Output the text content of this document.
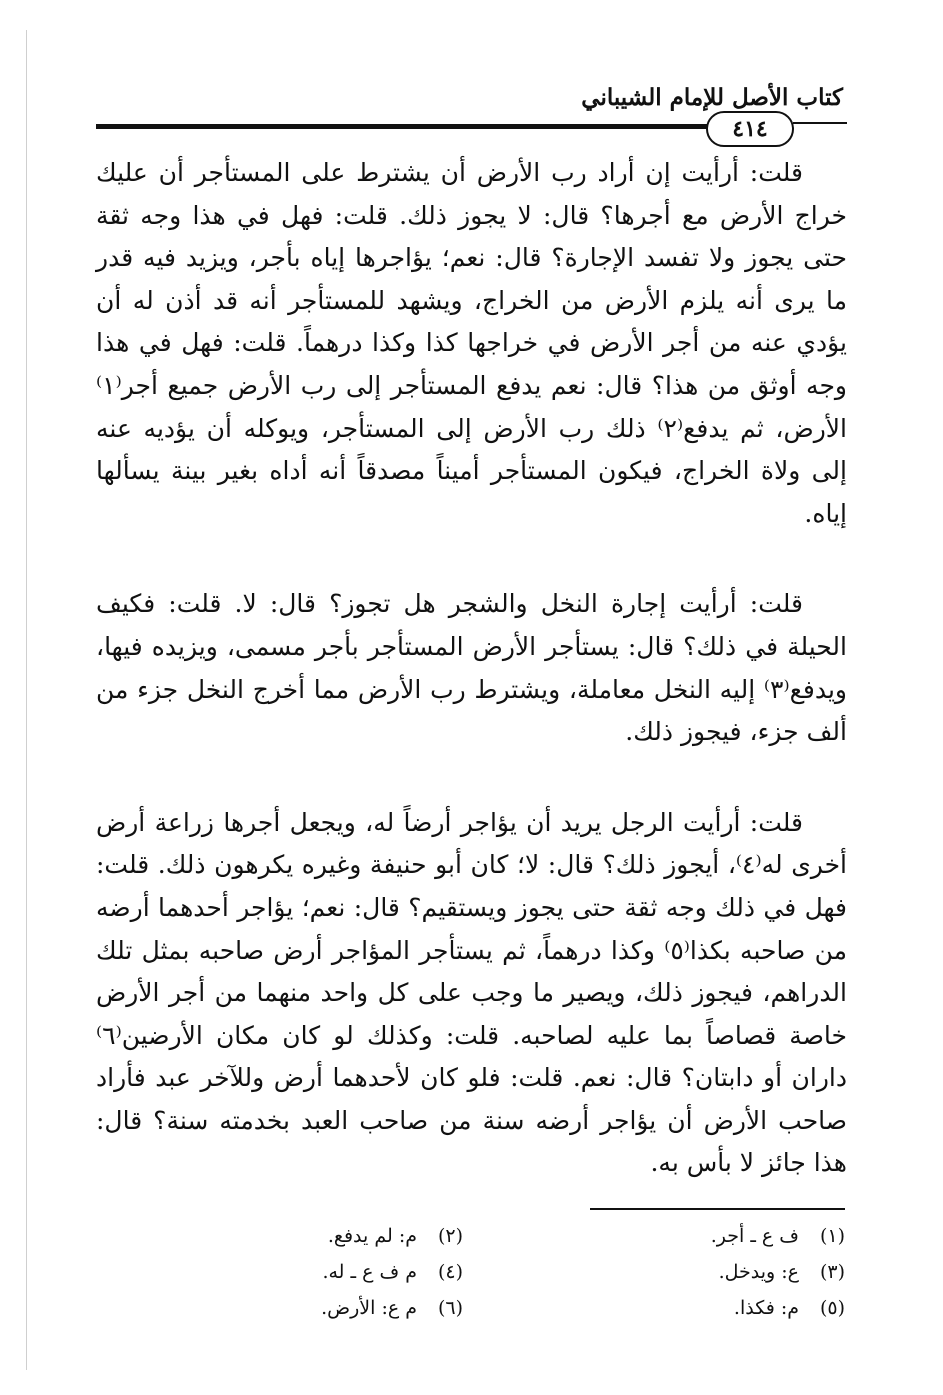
كتاب الأصل للإمام الشيباني
٤١٤

قلت: أرأيت إن أراد رب الأرض أن يشترط على المستأجر أن عليك خراج الأرض مع أجرها؟ قال: لا يجوز ذلك. قلت: فهل في هذا وجه ثقة حتى يجوز ولا تفسد الإجارة؟ قال: نعم؛ يؤاجرها إياه بأجر، ويزيد فيه قدر ما يرى أنه يلزم الأرض من الخراج، ويشهد للمستأجر أنه قد أذن له أن يؤدي عنه من أجر الأرض في خراجها كذا وكذا درهماً. قلت: فهل في هذا وجه أوثق من هذا؟ قال: نعم يدفع المستأجر إلى رب الأرض جميع أجر⁽١⁾ الأرض، ثم يدفع⁽٢⁾ ذلك رب الأرض إلى المستأجر، ويوكله أن يؤديه عنه إلى ولاة الخراج، فيكون المستأجر أميناً مصدقاً أنه أداه بغير بينة يسألها إياه.

قلت: أرأيت إجارة النخل والشجر هل تجوز؟ قال: لا. قلت: فكيف الحيلة في ذلك؟ قال: يستأجر الأرض المستأجر بأجر مسمى، ويزيده فيها، ويدفع⁽٣⁾ إليه النخل معاملة، ويشترط رب الأرض مما أخرج النخل جزء من ألف جزء، فيجوز ذلك.

قلت: أرأيت الرجل يريد أن يؤاجر أرضاً له، ويجعل أجرها زراعة أرض أخرى له⁽٤⁾، أيجوز ذلك؟ قال: لا؛ كان أبو حنيفة وغيره يكرهون ذلك. قلت: فهل في ذلك وجه ثقة حتى يجوز ويستقيم؟ قال: نعم؛ يؤاجر أحدهما أرضه من صاحبه بكذا⁽٥⁾ وكذا درهماً، ثم يستأجر المؤاجر أرض صاحبه بمثل تلك الدراهم، فيجوز ذلك، ويصير ما وجب على كل واحد منهما من أجر الأرض خاصة قصاصاً بما عليه لصاحبه. قلت: وكذلك لو كان مكان الأرضين⁽٦⁾ داران أو دابتان؟ قال: نعم. قلت: فلو كان لأحدهما أرض وللآخر عبد فأراد صاحب الأرض أن يؤاجر أرضه سنة من صاحب العبد بخدمته سنة؟ قال: هذا جائز لا بأس به.

(١)ف ع ـ أجر.
(٣)ع: ويدخل.
(٥)م: فكذا.
(٢)م: لم يدفع.
(٤)م ف ع ـ له.
(٦)م ع: الأرض.
